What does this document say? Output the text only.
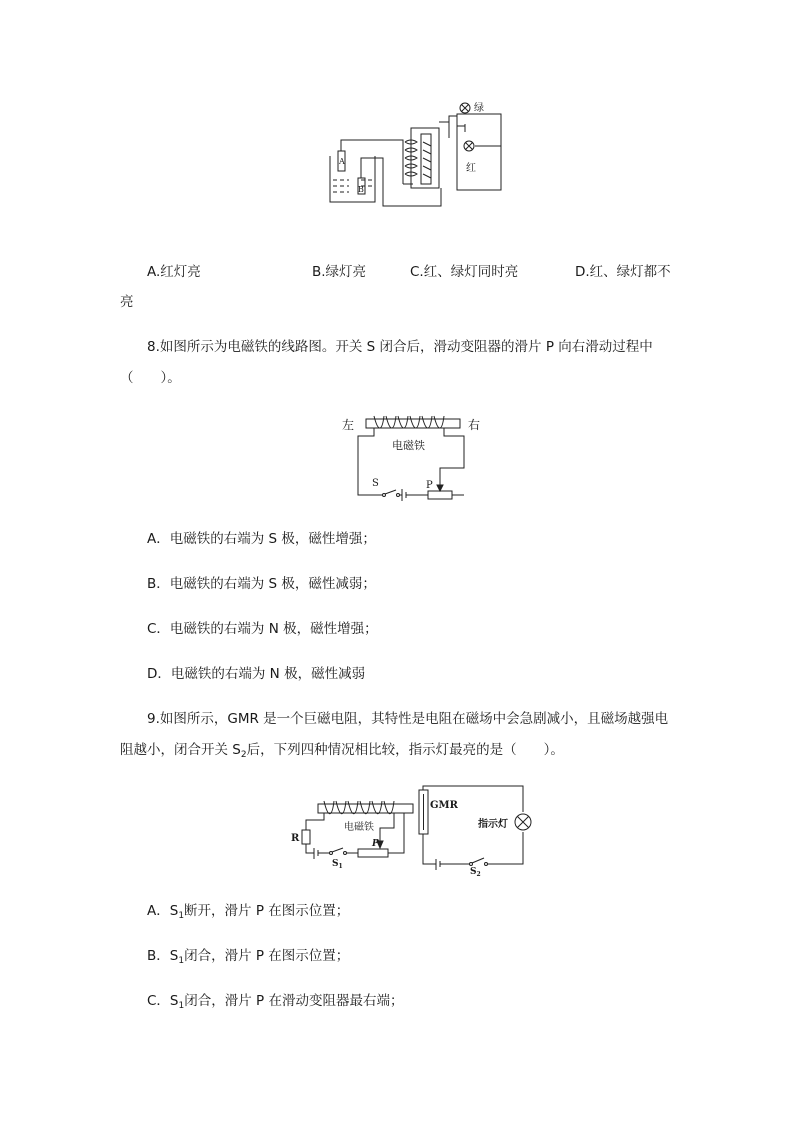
绿
红
A
B
A.红灯亮	B.绿灯亮	C.红、绿灯同时亮	D.红、绿灯都不
亮
8.如图所示为电磁铁的线路图。开关 S 闭合后，滑动变阻器的滑片 P 向右滑动过程中
（　　）。
左	右
电磁铁
S	P
A．电磁铁的右端为 S 极，磁性增强；
B．电磁铁的右端为 S 极，磁性减弱；
C．电磁铁的右端为 N 极，磁性增强；
D．电磁铁的右端为 N 极，磁性减弱
9.如图所示，GMR 是一个巨磁电阻，其特性是电阻在磁场中会急剧减小，且磁场越强电
阻越小，闭合开关 $S_2$后，下列四种情况相比较，指示灯最亮的是（　　）。
GMR
电磁铁	指示灯
R	P
$S_1$
$S_2$
A．$S_1$断开，滑片 P 在图示位置；
B．$S_1$闭合，滑片 P 在图示位置；
C．$S_1$闭合，滑片 P 在滑动变阻器最右端；
